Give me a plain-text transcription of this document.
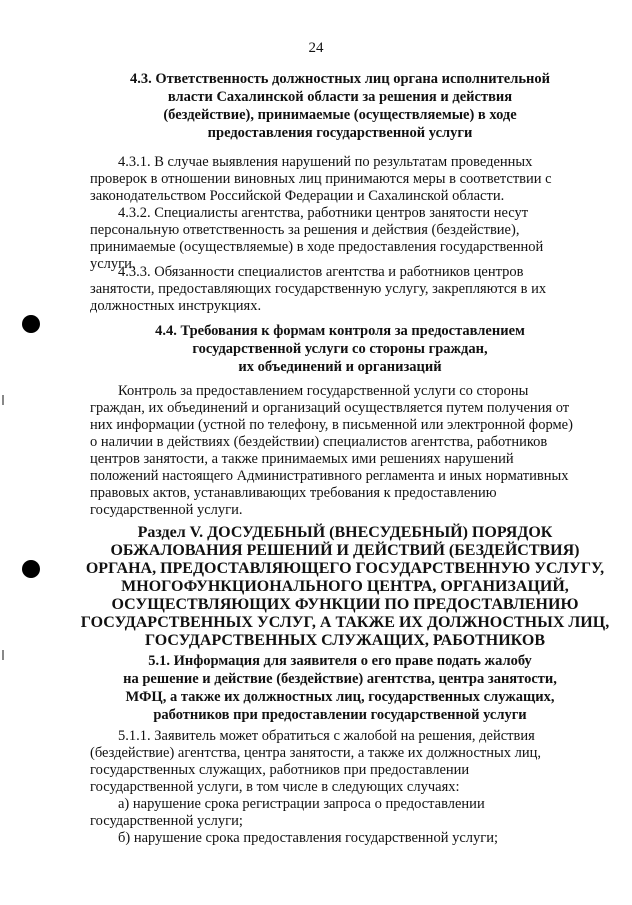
24
4.3. Ответственность должностных лиц органа исполнительной
власти Сахалинской области за решения и действия
(бездействие), принимаемые (осуществляемые) в ходе
предоставления государственной услуги
4.3.1. В случае выявления нарушений по результатам проведенных
проверок в отношении виновных лиц принимаются меры в соответствии с
законодательством Российской Федерации и Сахалинской области.
4.3.2. Специалисты агентства, работники центров занятости несут
персональную ответственность за решения и действия (бездействие),
принимаемые (осуществляемые) в ходе предоставления государственной
услуги.
4.3.3. Обязанности специалистов агентства и работников центров
занятости, предоставляющих государственную услугу, закрепляются в их
должностных инструкциях.
4.4. Требования к формам контроля за предоставлением
государственной услуги со стороны граждан,
их объединений и организаций
Контроль за предоставлением государственной услуги со стороны
граждан, их объединений и организаций осуществляется путем получения от
них информации (устной по телефону, в письменной или электронной форме)
о наличии в действиях (бездействии) специалистов агентства, работников
центров занятости, а также принимаемых ими решениях нарушений
положений настоящего Административного регламента и иных нормативных
правовых актов, устанавливающих требования к предоставлению
государственной услуги.
Раздел V. ДОСУДЕБНЫЙ (ВНЕСУДЕБНЫЙ) ПОРЯДОК
ОБЖАЛОВАНИЯ РЕШЕНИЙ И ДЕЙСТВИЙ (БЕЗДЕЙСТВИЯ)
ОРГАНА, ПРЕДОСТАВЛЯЮЩЕГО ГОСУДАРСТВЕННУЮ УСЛУГУ,
МНОГОФУНКЦИОНАЛЬНОГО ЦЕНТРА, ОРГАНИЗАЦИЙ,
ОСУЩЕСТВЛЯЮЩИХ ФУНКЦИИ ПО ПРЕДОСТАВЛЕНИЮ
ГОСУДАРСТВЕННЫХ УСЛУГ, А ТАКЖЕ ИХ ДОЛЖНОСТНЫХ ЛИЦ,
ГОСУДАРСТВЕННЫХ СЛУЖАЩИХ, РАБОТНИКОВ
5.1. Информация для заявителя о его праве подать жалобу
на решение и действие (бездействие) агентства, центра занятости,
МФЦ, а также их должностных лиц, государственных служащих,
работников при предоставлении государственной услуги
5.1.1. Заявитель может обратиться с жалобой на решения, действия
(бездействие) агентства, центра занятости, а также их должностных лиц,
государственных служащих, работников при предоставлении
государственной услуги, в том числе в следующих случаях:
а) нарушение срока регистрации запроса о предоставлении
государственной услуги;
б) нарушение срока предоставления государственной услуги;
